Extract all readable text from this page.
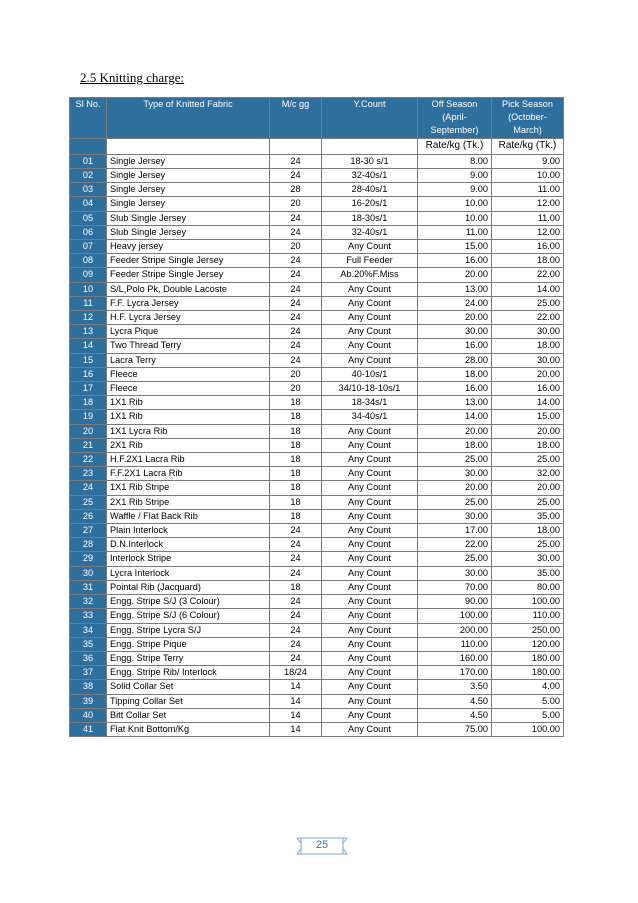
2.5 Knitting charge:
Sl No.	Type of Knitted Fabric	M/c gg	Y.Count	Off Season (April-September)	Pick Season (October-March)
				Rate/kg (Tk.)	Rate/kg (Tk.)
01	Single Jersey	24	18-30 s/1	8.00	9.00
02	Single Jersey	24	32-40s/1	9.00	10.00
03	Single Jersey	28	28-40s/1	9.00	11.00
04	Single Jersey	20	16-20s/1	10.00	12.00
05	Slub Single Jersey	24	18-30s/1	10.00	11.00
06	Slub Single Jersey	24	32-40s/1	11.00	12.00
07	Heavy jersey	20	Any Count	15.00	16.00
08	Feeder Stripe Single Jersey	24	Full Feeder	16.00	18.00
09	Feeder Stripe Single Jersey	24	Ab.20%F.Miss	20.00	22.00
10	S/L,Polo Pk, Double Lacoste	24	Any Count	13.00	14.00
11	F.F. Lycra Jersey	24	Any Count	24.00	25.00
12	H.F. Lycra Jersey	24	Any Count	20.00	22.00
13	Lycra Pique	24	Any Count	30.00	30.00
14	Two Thread Terry	24	Any Count	16.00	18.00
15	Lacra Terry	24	Any Count	28.00	30.00
16	Fleece	20	40-10s/1	18.00	20.00
17	Fleece	20	34/10-18-10s/1	16.00	16.00
18	1X1 Rib	18	18-34s/1	13.00	14.00
19	1X1 Rib	18	34-40s/1	14.00	15.00
20	1X1 Lycra Rib	18	Any Count	20.00	20.00
21	2X1 Rib	18	Any Count	18.00	18.00
22	H.F.2X1 Lacra Rib	18	Any Count	25.00	25.00
23	F.F.2X1 Lacra Rib	18	Any Count	30.00	32.00
24	1X1 Rib Stripe	18	Any Count	20.00	20.00
25	2X1 Rib Stripe	18	Any Count	25.00	25.00
26	Waffle / Flat Back Rib	18	Any Count	30.00	35.00
27	Plain Interlock	24	Any Count	17.00	18.00
28	D.N.Interlock	24	Any Count	22.00	25.00
29	Interlock Stripe	24	Any Count	25.00	30.00
30	Lycra Interlock	24	Any Count	30.00	35.00
31	Pointal Rib (Jacquard)	18	Any Count	70.00	80.00
32	Engg. Stripe S/J (3 Colour)	24	Any Count	90.00	100.00
33	Engg. Stripe S/J (6 Colour)	24	Any Count	100.00	110.00
34	Engg. Stripe Lycra S/J	24	Any Count	200.00	250.00
35	Engg. Stripe Pique	24	Any Count	110.00	120.00
36	Engg. Stripe Terry	24	Any Count	160.00	180.00
37	Engg. Stripe Rib/ Interlock	18/24	Any Count	170.00	180.00
38	Solid Collar Set	14	Any Count	3.50	4.00
39	Tipping Collar Set	14	Any Count	4.50	5.00
40	Bitt Collar Set	14	Any Count	4.50	5.00
41	Flat Knit Bottom/Kg	14	Any Count	75.00	100.00
25
